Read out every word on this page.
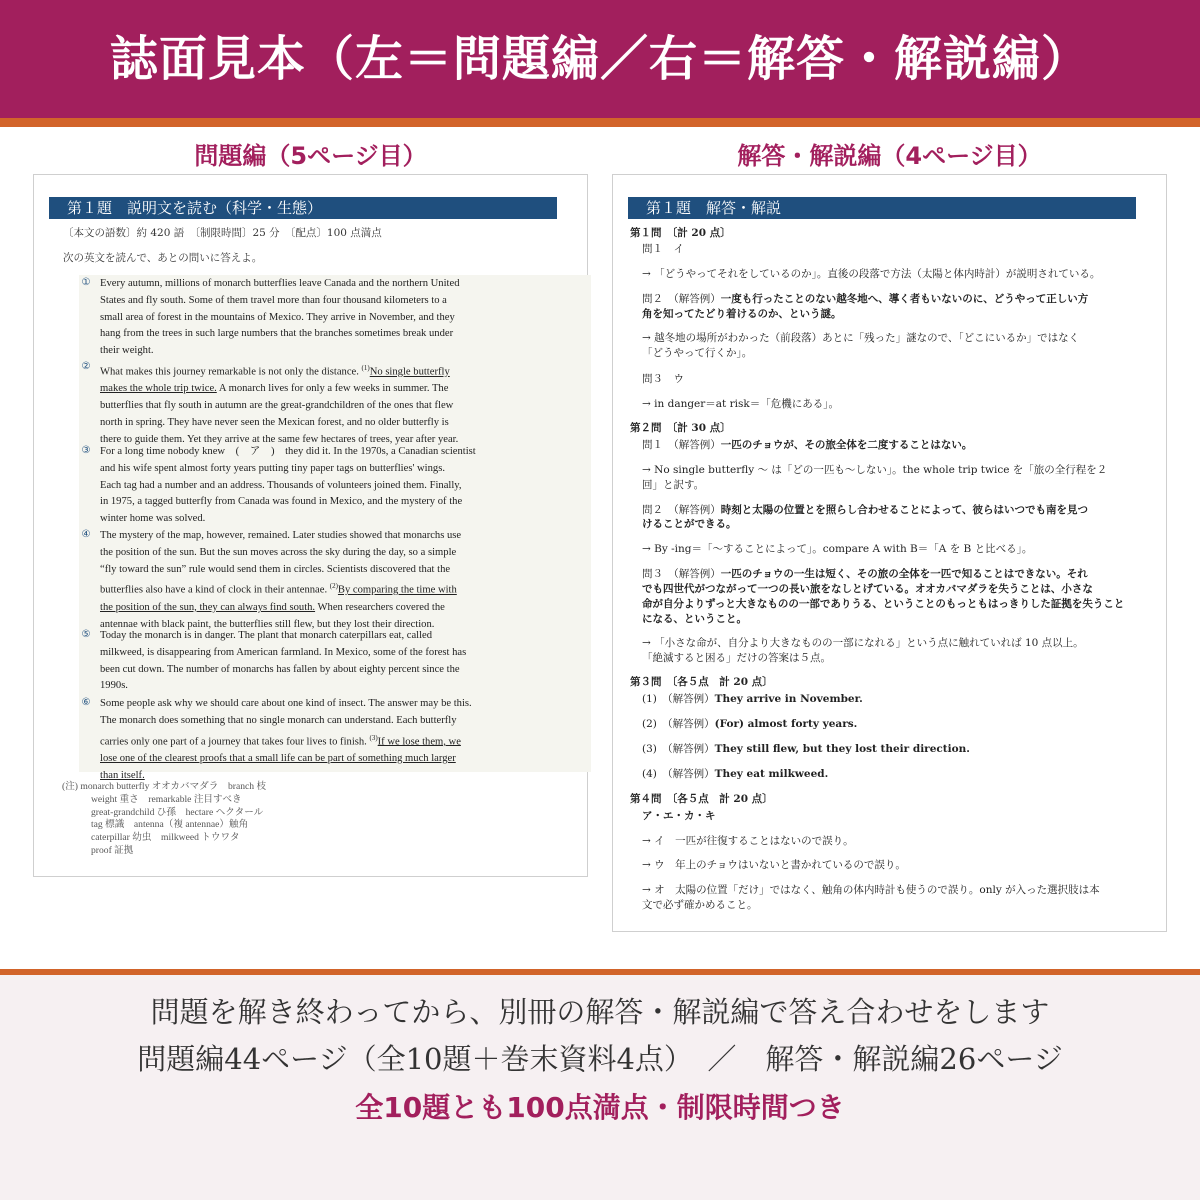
誌面見本（左＝問題編／右＝解答・解説編）
問題編（5ページ目）	解答・解説編（4ページ目）
第１題　説明文を読む（科学・生態）
〔本文の語数〕約 420 語　〔制限時間〕25 分　〔配点〕100 点満点
次の英文を読んで、あとの問いに答えよ。
① Every autumn, millions of monarch butterflies leave Canada and the northern United
States and fly south. Some of them travel more than four thousand kilometers to a
small area of forest in the mountains of Mexico. They arrive in November, and they
hang from the trees in such large numbers that the branches sometimes break under
their weight.
②
What makes this journey remarkable is not only the distance. $^{(1)}$No single butterfly
makes the whole trip twice. A monarch lives for only a few weeks in summer. The
butterflies that fly south in autumn are the great-grandchildren of the ones that flew
north in spring. They have never seen the Mexican forest, and no older butterfly is
there to guide them. Yet they arrive at the same few hectares of trees, year after year.
③ For a long time nobody knew　(　ア　)　they did it. In the 1970s, a Canadian scientist
and his wife spent almost forty years putting tiny paper tags on butterflies' wings.
Each tag had a number and an address. Thousands of volunteers joined them. Finally,
in 1975, a tagged butterfly from Canada was found in Mexico, and the mystery of the
winter home was solved.
④ The mystery of the map, however, remained. Later studies showed that monarchs use
the position of the sun. But the sun moves across the sky during the day, so a simple
“fly toward the sun” rule would send them in circles. Scientists discovered that the
butterflies also have a kind of clock in their antennae. $^{(2)}$By comparing the time with
the position of the sun, they can always find south. When researchers covered the
antennae with black paint, the butterflies still flew, but they lost their direction.
⑤ Today the monarch is in danger. The plant that monarch caterpillars eat, called
milkweed, is disappearing from American farmland. In Mexico, some of the forest has
been cut down. The number of monarchs has fallen by about eighty percent since the
1990s.
⑥ Some people ask why we should care about one kind of insect. The answer may be this.
The monarch does something that no single monarch can understand. Each butterfly
carries only one part of a journey that takes four lives to finish. $^{(3)}$If we lose them, we
lose one of the clearest proofs that a small life can be part of something much larger
than itself.
(注) monarch butterfly オオカバマダラ　branch 枝
weight 重さ　remarkable 注目すべき
great-grandchild ひ孫　hectare ヘクタール
tag 標識　antenna（複 antennae）触角
caterpillar 幼虫　milkweed トウワタ
proof 証拠
第１題　解答・解説
第１問　〔計 20 点〕
問１　イ
→ 「どうやってそれをしているのか」。直後の段落で方法（太陽と体内時計）が説明されている。
問２　（解答例）一度も行ったことのない越冬地へ、導く者もいないのに、どうやって正しい方
角を知ってたどり着けるのか、という謎。
→ 越冬地の場所がわかった（前段落）あとに「残った」謎なので、「どこにいるか」ではなく
「どうやって行くか」。
問３　ウ
→ in danger＝at risk＝「危機にある」。
第２問　〔計 30 点〕
問１　（解答例）一匹のチョウが、その旅全体を二度することはない。
→ No single butterfly ～ は「どの一匹も～しない」。the whole trip twice を「旅の全行程を２
回」と訳す。
問２　（解答例）時刻と太陽の位置とを照らし合わせることによって、彼らはいつでも南を見つ
けることができる。
→ By -ing＝「～することによって」。compare A with B＝「A を B と比べる」。
問３　（解答例）一匹のチョウの一生は短く、その旅の全体を一匹で知ることはできない。それ
でも四世代がつながって一つの長い旅をなしとげている。オオカバマダラを失うことは、小さな
命が自分よりずっと大きなものの一部でありうる、ということのもっともはっきりした証拠を失うこと
になる、ということ。
→ 「小さな命が、自分より大きなものの一部になれる」という点に触れていれば 10 点以上。
「絶滅すると困る」だけの答案は５点。
第３問　〔各５点　計 20 点〕
(1)　 （解答例）They arrive in November.
(2)　 （解答例）(For) almost forty years.
(3)　 （解答例）They still flew, but they lost their direction.
(4)　 （解答例）They eat milkweed.
第４問　〔各５点　計 20 点〕
ア・エ・カ・キ
→ イ　一匹が往復することはないので誤り。
→ ウ　年上のチョウはいないと書かれているので誤り。
→ オ　太陽の位置「だけ」ではなく、触角の体内時計も使うので誤り。only が入った選択肢は本
文で必ず確かめること。
問題を解き終わってから、別冊の解答・解説編で答え合わせをします
問題編44ページ（全10題＋巻末資料4点）　／　解答・解説編26ページ
全10題とも100点満点・制限時間つき
